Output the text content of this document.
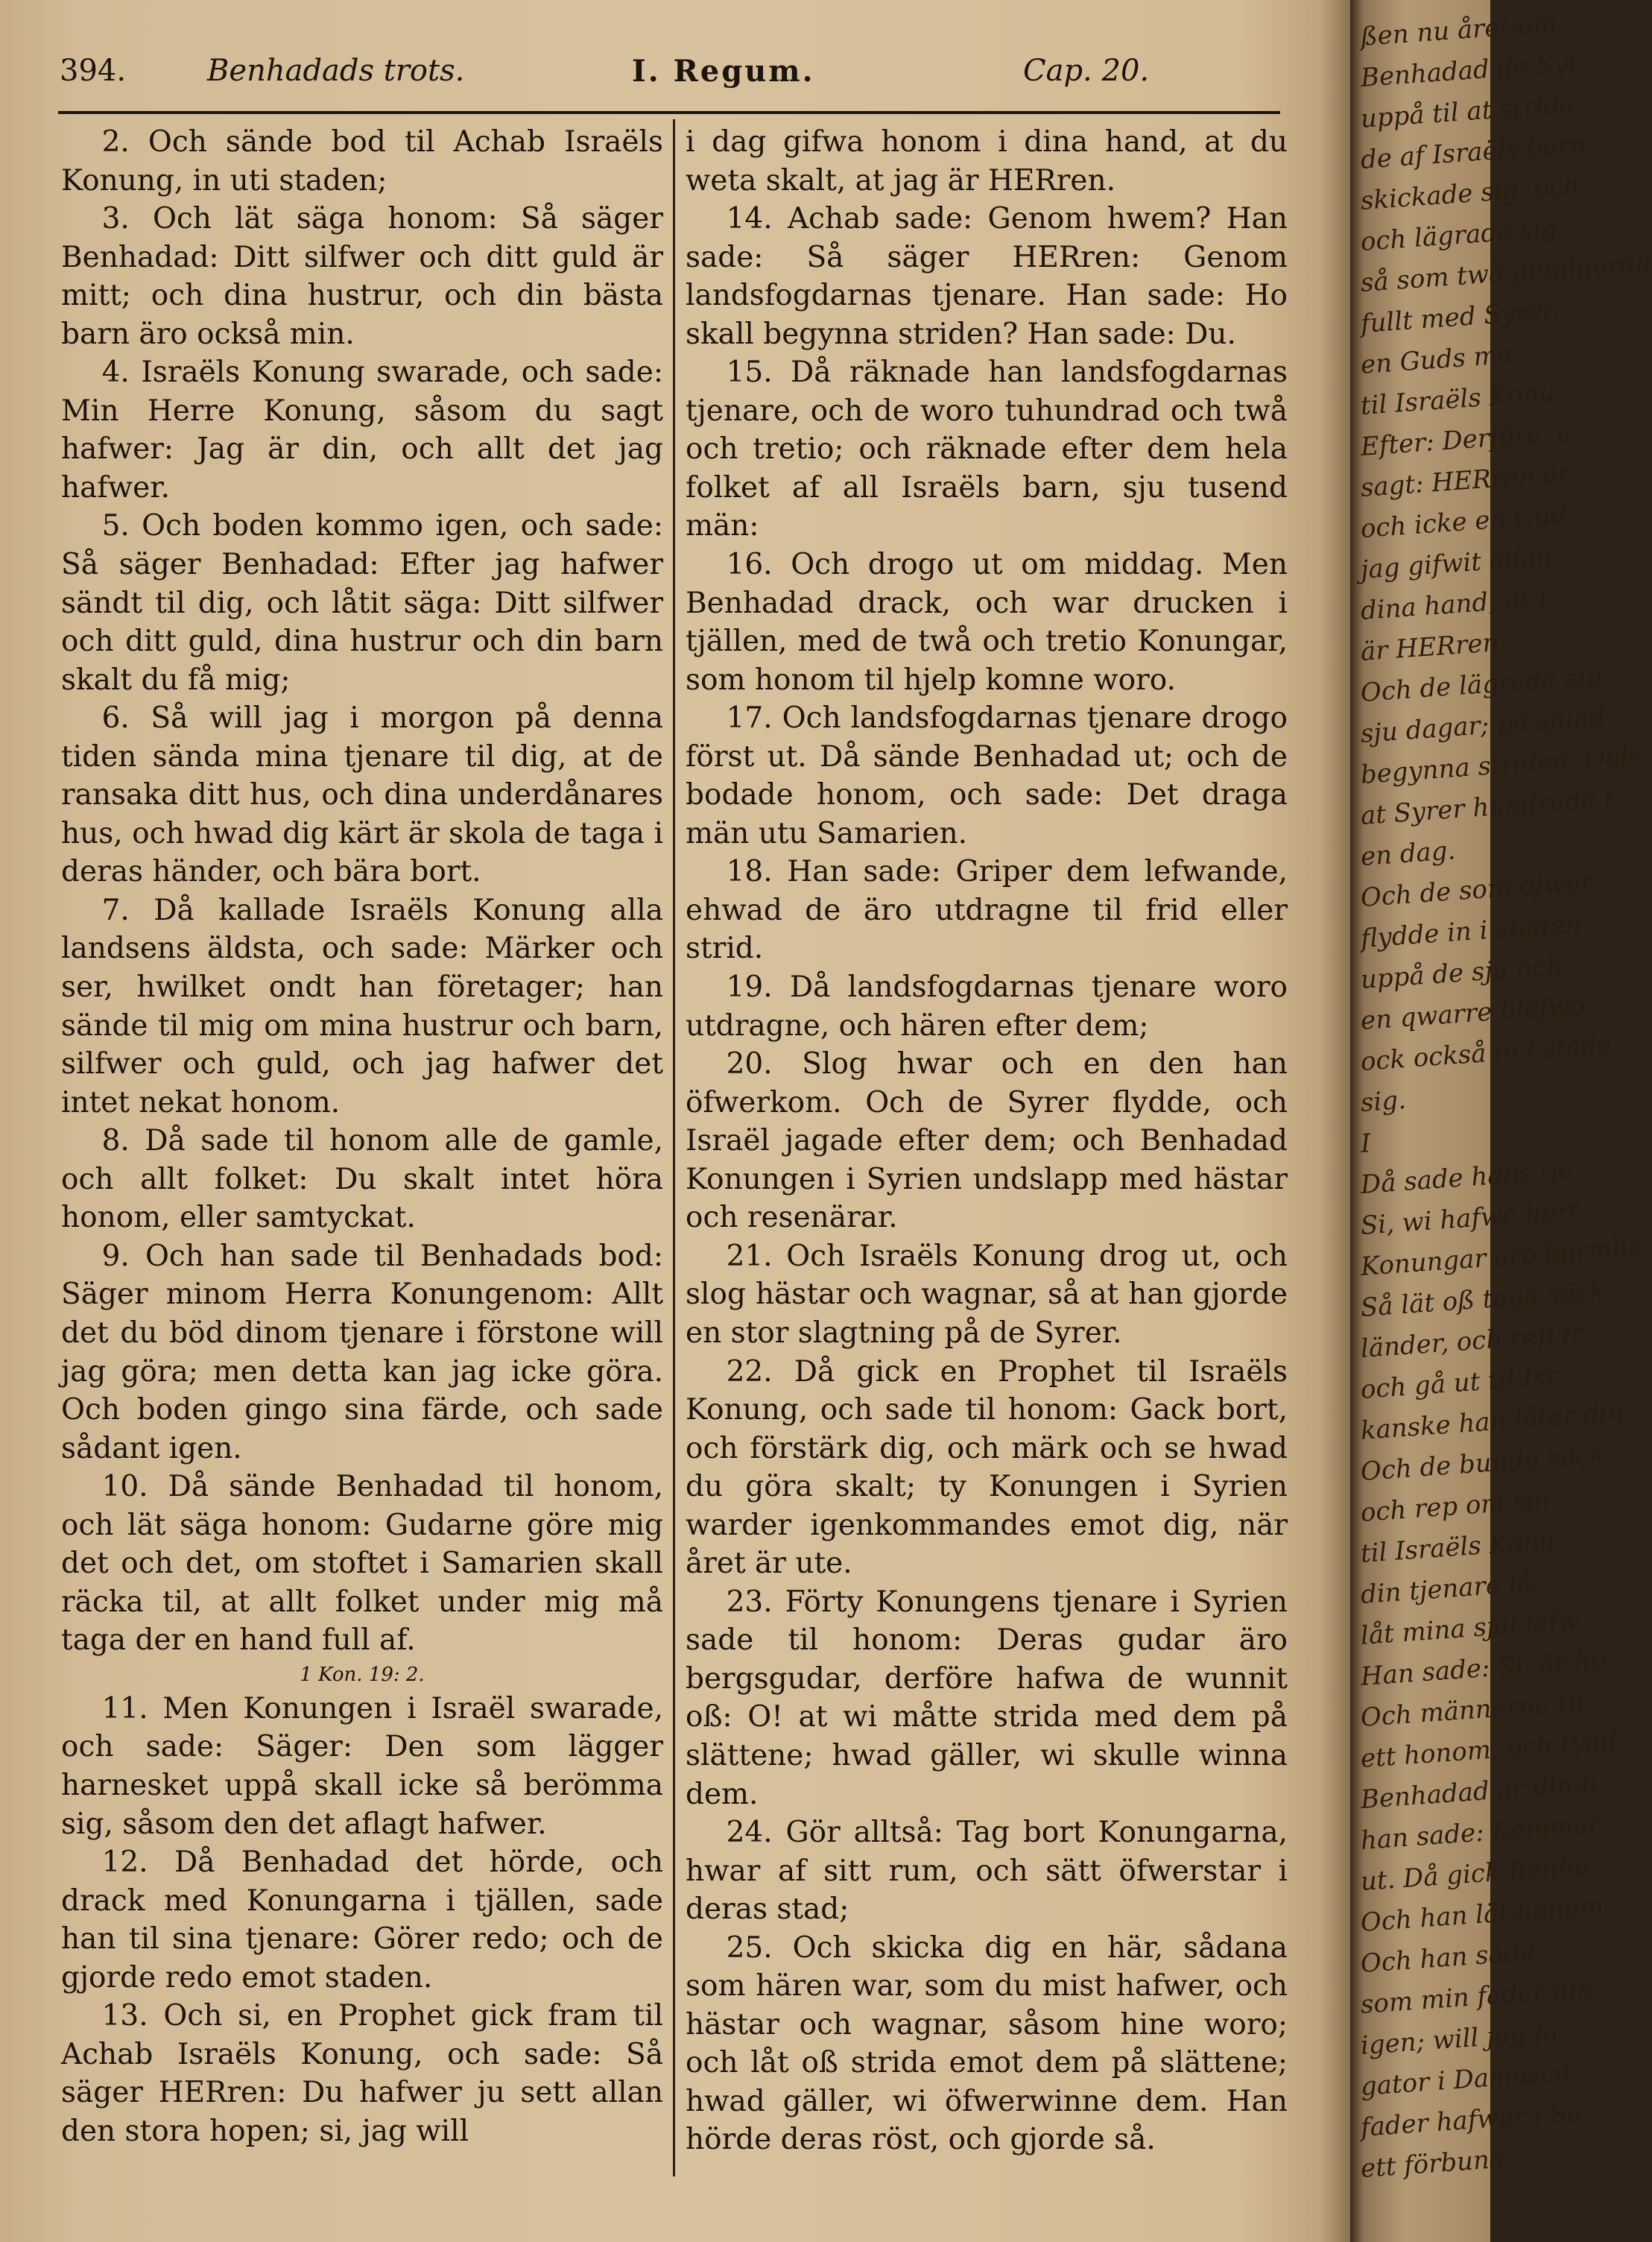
394.	Benhadads trots.	I. Regum.	Cap. 20.

2. Och sände bod til Achab Israëls Konung, in uti staden;

3. Och lät säga honom: Så säger Benhadad: Ditt silfwer och ditt guld är mitt; och dina hustrur, och din bästa barn äro också min.

4. Israëls Konung swarade, och sade: Min Herre Konung, såsom du sagt hafwer: Jag är din, och allt det jag hafwer.

5. Och boden kommo igen, och sade: Så säger Benhadad: Efter jag hafwer sändt til dig, och låtit säga: Ditt silfwer och ditt guld, dina hustrur och din barn skalt du få mig;

6. Så will jag i morgon på denna tiden sända mina tjenare til dig, at de ransaka ditt hus, och dina underdånares hus, och hwad dig kärt är skola de taga i deras händer, och bära bort.

7. Då kallade Israëls Konung alla landsens äldsta, och sade: Märker och ser, hwilket ondt han företager; han sände til mig om mina hustrur och barn, silfwer och guld, och jag hafwer det intet nekat honom.

8. Då sade til honom alle de gamle, och allt folket: Du skalt intet höra honom, eller samtyckat.

9. Och han sade til Benhadads bod: Säger minom Herra Konungenom: Allt det du böd dinom tjenare i förstone will jag göra; men detta kan jag icke göra. Och boden gingo sina färde, och sade sådant igen.

10. Då sände Benhadad til honom, och lät säga honom: Gudarne göre mig det och det, om stoftet i Samarien skall räcka til, at allt folket under mig må taga der en hand full af.

1 Kon. 19: 2.

11. Men Konungen i Israël swarade, och sade: Säger: Den som lägger harnesket uppå skall icke så berömma sig, såsom den det aflagt hafwer.

12. Då Benhadad det hörde, och drack med Konungarna i tjällen, sade han til sina tjenare: Görer redo; och de gjorde redo emot staden.

13. Och si, en Prophet gick fram til Achab Israëls Konung, och sade: Så säger HERren: Du hafwer ju sett allan den stora hopen; si, jag will

i dag gifwa honom i dina hand, at du weta skalt, at jag är HERren.

14. Achab sade: Genom hwem? Han sade: Så säger HERren: Genom landsfogdarnas tjenare. Han sade: Ho skall begynna striden? Han sade: Du.

15. Då räknade han landsfogdarnas tjenare, och de woro tuhundrad och twå och tretio; och räknade efter dem hela folket af all Israëls barn, sju tusend män:

16. Och drogo ut om middag. Men Benhadad drack, och war drucken i tjällen, med de twå och tretio Konungar, som honom til hjelp komne woro.

17. Och landsfogdarnas tjenare drogo först ut. Då sände Benhadad ut; och de bodade honom, och sade: Det draga män utu Samarien.

18. Han sade: Griper dem lefwande, ehwad de äro utdragne til frid eller strid.

19. Då landsfogdarnas tjenare woro utdragne, och hären efter dem;

20. Slog hwar och en den han öfwerkom. Och de Syrer flydde, och Israël jagade efter dem; och Benhadad Konungen i Syrien undslapp med hästar och resenärar.

21. Och Israëls Konung drog ut, och slog hästar och wagnar, så at han gjorde en stor slagtning på de Syrer.

22. Då gick en Prophet til Israëls Konung, och sade til honom: Gack bort, och förstärk dig, och märk och se hwad du göra skalt; ty Konungen i Syrien warder igenkommandes emot dig, när året är ute.

23. Förty Konungens tjenare i Syrien sade til honom: Deras gudar äro bergsgudar, derföre hafwa de wunnit oß: O! at wi måtte strida med dem på slättene; hwad gäller, wi skulle winna dem.

24. Gör alltså: Tag bort Konungarna, hwar af sitt rum, och sätt öfwerstar i deras stad;

25. Och skicka dig en här, sådana som hären war, som du mist hafwer, och hästar och wagnar, såsom hine woro; och låt oß strida emot dem på slättene; hwad gäller, wi öfwerwinne dem. Han hörde deras röst, och gjorde så.

ßen nu året om
Benhadad de Syr
uppå til at strida
de af Israëls barn
skickade sig, och
och lägrade sig
så som twå getahjorda
fullt med Syrer.
en Guds ma
til Israëls Konu
Efter: Derföre, e
sagt: HERren är
och icke en Gud
jag gifwit allan
dina hand, at I
är HERren.
Och de lägrade sig
sju dagar; på sjund
begynna striden. Och
at Syrer hundrade t
en dag.
Och de som öfwer
flydde in i staden.
uppå de sju och
en qwarre blefwo.
ock också in i stade
sig.
I
Då sade hans tje
Si, wi hafwe hört
Konungar äro barmhe
Så lät oß taga säck
länder, och rep fr
och gå ut til Isr
kanske han låter din
Och de bundo säck
och rep om sin
til Israëls Konu
din tjenare lå
låt mina själ lefw
Han sade: Si, är ho
Och männerne to
ett honom, och tydd
Benhadad är din b
han sade: Kommer
ut. Då gick Benha
Och han lät honom
Och han sade
som min fader din
igen; will jag fa
gator i Damasco
fader hafwer i Sa
ett förbund
